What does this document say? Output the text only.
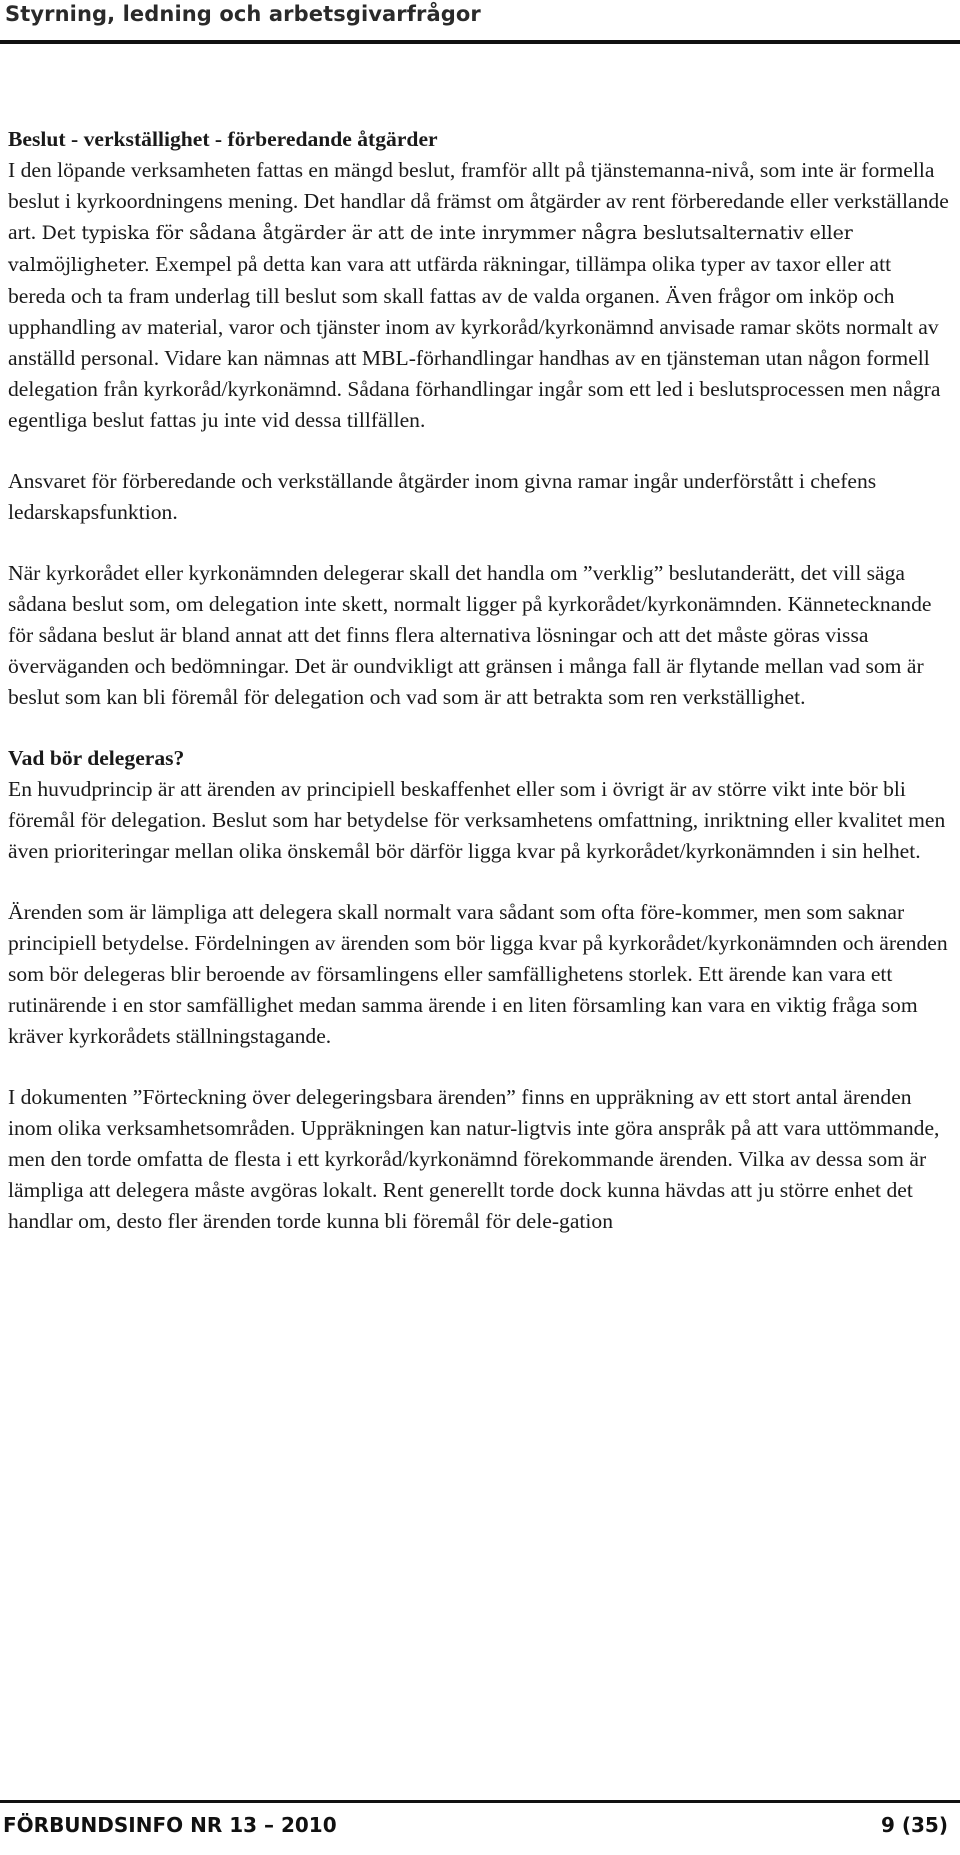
Styrning, ledning och arbetsgivarfrågor

Beslut - verkställighet - förberedande åtgärder

I den löpande verksamheten fattas en mängd beslut, framför allt på tjänstemanna-nivå, som inte är formella beslut i kyrkoordningens mening. Det handlar då främst om åtgärder av rent förberedande eller verkställande art. Det typiska för sådana åtgärder är att de inte inrymmer några beslutsalternativ eller valmöjligheter. Exempel på detta kan vara att utfärda räkningar, tillämpa olika typer av taxor eller att bereda och ta fram underlag till beslut som skall fattas av de valda organen. Även frågor om inköp och upphandling av material, varor och tjänster inom av kyrkoråd/kyrkonämnd anvisade ramar sköts normalt av anställd personal. Vidare kan nämnas att MBL-förhandlingar handhas av en tjänsteman utan någon formell delegation från kyrkoråd/kyrkonämnd. Sådana förhandlingar ingår som ett led i beslutsprocessen men några egentliga beslut fattas ju inte vid dessa tillfällen.

Ansvaret för förberedande och verkställande åtgärder inom givna ramar ingår underförstått i chefens ledarskapsfunktion.

När kyrkorådet eller kyrkonämnden delegerar skall det handla om ”verklig” beslutanderätt, det vill säga sådana beslut som, om delegation inte skett, normalt ligger på kyrkorådet/kyrkonämnden. Kännetecknande för sådana beslut är bland annat att det finns flera alternativa lösningar och att det måste göras vissa överväganden och bedömningar. Det är oundvikligt att gränsen i många fall är flytande mellan vad som är beslut som kan bli föremål för delegation och vad som är att betrakta som ren verkställighet.

Vad bör delegeras?

En huvudprincip är att ärenden av principiell beskaffenhet eller som i övrigt är av större vikt inte bör bli föremål för delegation. Beslut som har betydelse för verksamhetens omfattning, inriktning eller kvalitet men även prioriteringar mellan olika önskemål bör därför ligga kvar på kyrkorådet/kyrkonämnden i sin helhet.

Ärenden som är lämpliga att delegera skall normalt vara sådant som ofta före-kommer, men som saknar principiell betydelse. Fördelningen av ärenden som bör ligga kvar på kyrkorådet/kyrkonämnden och ärenden som bör delegeras blir beroende av församlingens eller samfällighetens storlek. Ett ärende kan vara ett rutinärende i en stor samfällighet medan samma ärende i en liten församling kan vara en viktig fråga som kräver kyrkorådets ställningstagande.

I dokumenten ”Förteckning över delegeringsbara ärenden” finns en uppräkning av ett stort antal ärenden inom olika verksamhetsområden. Uppräkningen kan natur-ligtvis inte göra anspråk på att vara uttömmande, men den torde omfatta de flesta i ett kyrkoråd/kyrkonämnd förekommande ärenden. Vilka av dessa som är lämpliga att delegera måste avgöras lokalt. Rent generellt torde dock kunna hävdas att ju större enhet det handlar om, desto fler ärenden torde kunna bli föremål för dele-gation

FÖRBUNDSINFO NR 13 – 2010	9 (35)
